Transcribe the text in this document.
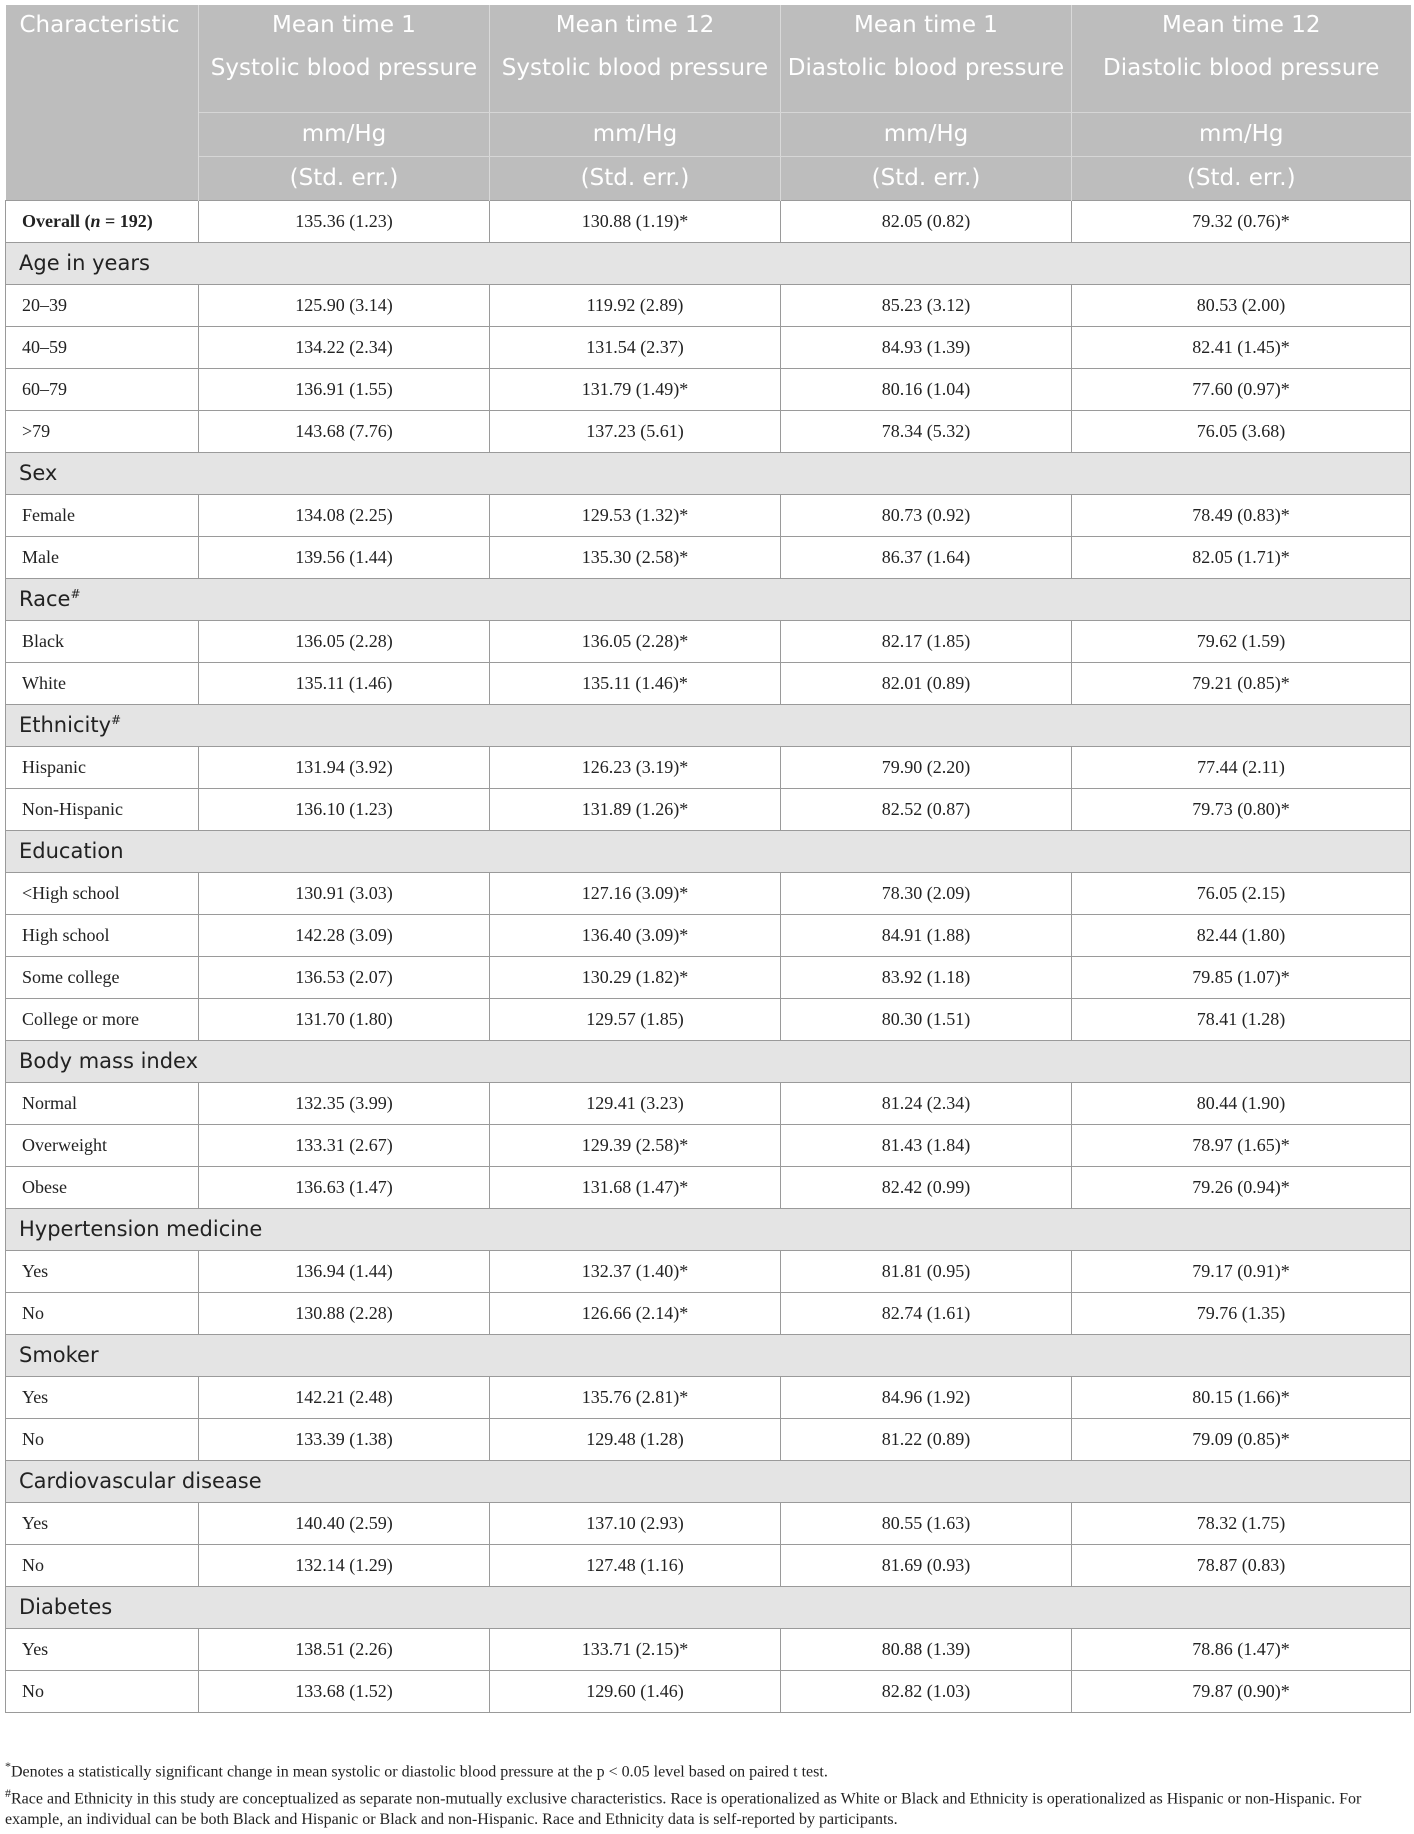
Characteristic	Mean time 1	Mean time 12	Mean time 1	Mean time 12
	Systolic blood pressure	Systolic blood pressure	Diastolic blood pressure	Diastolic blood pressure
	mm/Hg	mm/Hg	mm/Hg	mm/Hg
	(Std. err.)	(Std. err.)	(Std. err.)	(Std. err.)
Overall (n = 192)	135.36 (1.23)	130.88 (1.19)*	82.05 (0.82)	79.32 (0.76)*
Age in years				
20–39	125.90 (3.14)	119.92 (2.89)	85.23 (3.12)	80.53 (2.00)
40–59	134.22 (2.34)	131.54 (2.37)	84.93 (1.39)	82.41 (1.45)*
60–79	136.91 (1.55)	131.79 (1.49)*	80.16 (1.04)	77.60 (0.97)*
>79	143.68 (7.76)	137.23 (5.61)	78.34 (5.32)	76.05 (3.68)
Sex				
Female	134.08 (2.25)	129.53 (1.32)*	80.73 (0.92)	78.49 (0.83)*
Male	139.56 (1.44)	135.30 (2.58)*	86.37 (1.64)	82.05 (1.71)*
Race#
Black	136.05 (2.28)	136.05 (2.28)*	82.17 (1.85)	79.62 (1.59)
White	135.11 (1.46)	135.11 (1.46)*	82.01 (0.89)	79.21 (0.85)*
Ethnicity#
Hispanic	131.94 (3.92)	126.23 (3.19)*	79.90 (2.20)	77.44 (2.11)
Non-Hispanic	136.10 (1.23)	131.89 (1.26)*	82.52 (0.87)	79.73 (0.80)*
Education				
<High school	130.91 (3.03)	127.16 (3.09)*	78.30 (2.09)	76.05 (2.15)
High school	142.28 (3.09)	136.40 (3.09)*	84.91 (1.88)	82.44 (1.80)
Some college	136.53 (2.07)	130.29 (1.82)*	83.92 (1.18)	79.85 (1.07)*
College or more	131.70 (1.80)	129.57 (1.85)	80.30 (1.51)	78.41 (1.28)
Body mass index				
Normal	132.35 (3.99)	129.41 (3.23)	81.24 (2.34)	80.44 (1.90)
Overweight	133.31 (2.67)	129.39 (2.58)*	81.43 (1.84)	78.97 (1.65)*
Obese	136.63 (1.47)	131.68 (1.47)*	82.42 (0.99)	79.26 (0.94)*
Hypertension medicine				
Yes	136.94 (1.44)	132.37 (1.40)*	81.81 (0.95)	79.17 (0.91)*
No	130.88 (2.28)	126.66 (2.14)*	82.74 (1.61)	79.76 (1.35)
Smoker				
Yes	142.21 (2.48)	135.76 (2.81)*	84.96 (1.92)	80.15 (1.66)*
No	133.39 (1.38)	129.48 (1.28)	81.22 (0.89)	79.09 (0.85)*
Cardiovascular disease				
Yes	140.40 (2.59)	137.10 (2.93)	80.55 (1.63)	78.32 (1.75)
No	132.14 (1.29)	127.48 (1.16)	81.69 (0.93)	78.87 (0.83)
Diabetes				
Yes	138.51 (2.26)	133.71 (2.15)*	80.88 (1.39)	78.86 (1.47)*
No	133.68 (1.52)	129.60 (1.46)	82.82 (1.03)	79.87 (0.90)*

*Denotes a statistically significant change in mean systolic or diastolic blood pressure at the p < 0.05 level based on paired t test.

#Race and Ethnicity in this study are conceptualized as separate non-mutually exclusive characteristics. Race is operationalized as White or Black and Ethnicity is operationalized as Hispanic or non-Hispanic. For example, an individual can be both Black and Hispanic or Black and non-Hispanic. Race and Ethnicity data is self-reported by participants.
